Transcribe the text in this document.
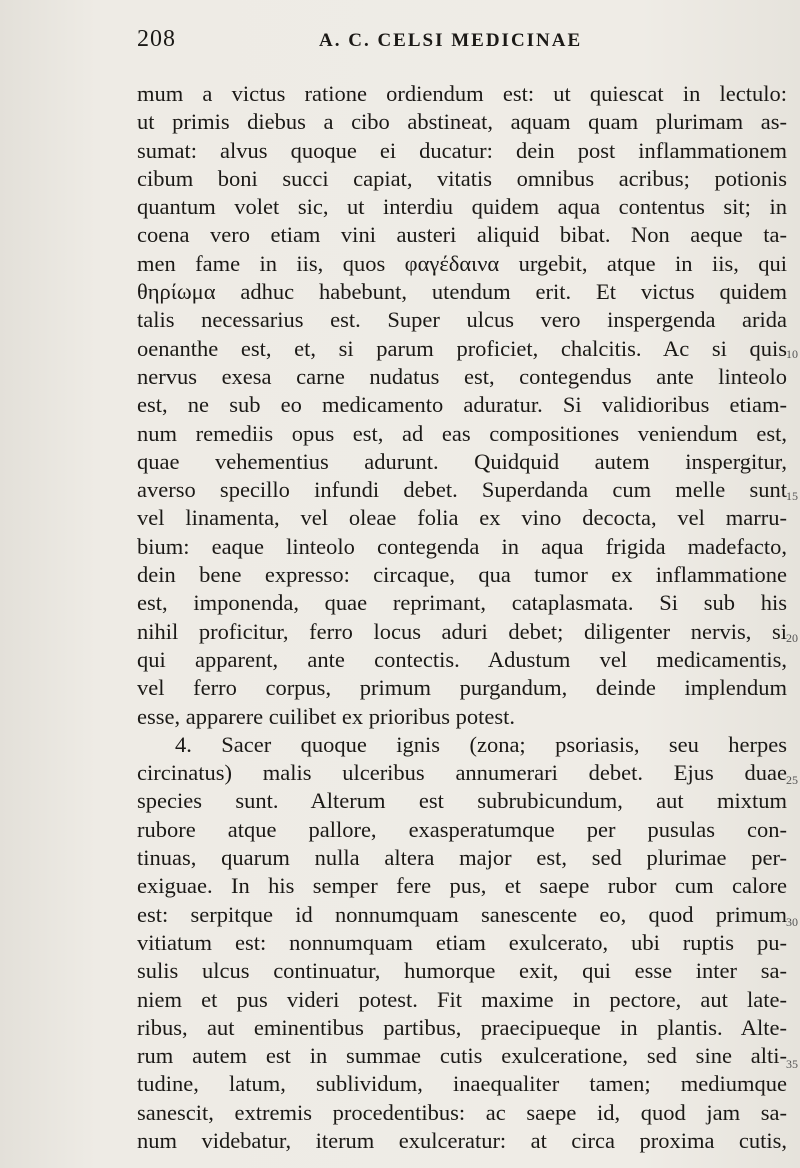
208	A. C. CELSI MEDICINAE
mum a victus ratione ordiendum est: ut quiescat in lectulo:
ut primis diebus a cibo abstineat, aquam quam plurimam as-
sumat: alvus quoque ei ducatur: dein post inflammationem
cibum boni succi capiat, vitatis omnibus acribus; potionis
quantum volet sic, ut interdiu quidem aqua contentus sit; in
coena vero etiam vini austeri aliquid bibat. Non aeque ta-
men fame in iis, quos φαγέδαινα urgebit, atque in iis, qui
θηρίωμα adhuc habebunt, utendum erit. Et victus quidem
talis necessarius est. Super ulcus vero inspergenda arida
oenanthe est, et, si parum proficiet, chalcitis. Ac si quis
nervus exesa carne nudatus est, contegendus ante linteolo
est, ne sub eo medicamento aduratur. Si validioribus etiam-
num remediis opus est, ad eas compositiones veniendum est,
quae vehementius adurunt. Quidquid autem inspergitur,
averso specillo infundi debet. Superdanda cum melle sunt
vel linamenta, vel oleae folia ex vino decocta, vel marru-
bium: eaque linteolo contegenda in aqua frigida madefacto,
dein bene expresso: circaque, qua tumor ex inflammatione
est, imponenda, quae reprimant, cataplasmata. Si sub his
nihil proficitur, ferro locus aduri debet; diligenter nervis, si
qui apparent, ante contectis. Adustum vel medicamentis,
vel ferro corpus, primum purgandum, deinde implendum
esse, apparere cuilibet ex prioribus potest.
4. Sacer quoque ignis (zona; psoriasis, seu herpes
circinatus) malis ulceribus annumerari debet. Ejus duae
species sunt. Alterum est subrubicundum, aut mixtum
rubore atque pallore, exasperatumque per pusulas con-
tinuas, quarum nulla altera major est, sed plurimae per-
exiguae. In his semper fere pus, et saepe rubor cum calore
est: serpitque id nonnumquam sanescente eo, quod primum
vitiatum est: nonnumquam etiam exulcerato, ubi ruptis pu-
sulis ulcus continuatur, humorque exit, qui esse inter sa-
niem et pus videri potest. Fit maxime in pectore, aut late-
ribus, aut eminentibus partibus, praecipueque in plantis. Alte-
rum autem est in summae cutis exulceratione, sed sine alti-
tudine, latum, sublividum, inaequaliter tamen; mediumque
sanescit, extremis procedentibus: ac saepe id, quod jam sa-
num videbatur, iterum exulceratur: at circa proxima cutis,
10
15
20
25
30
35
